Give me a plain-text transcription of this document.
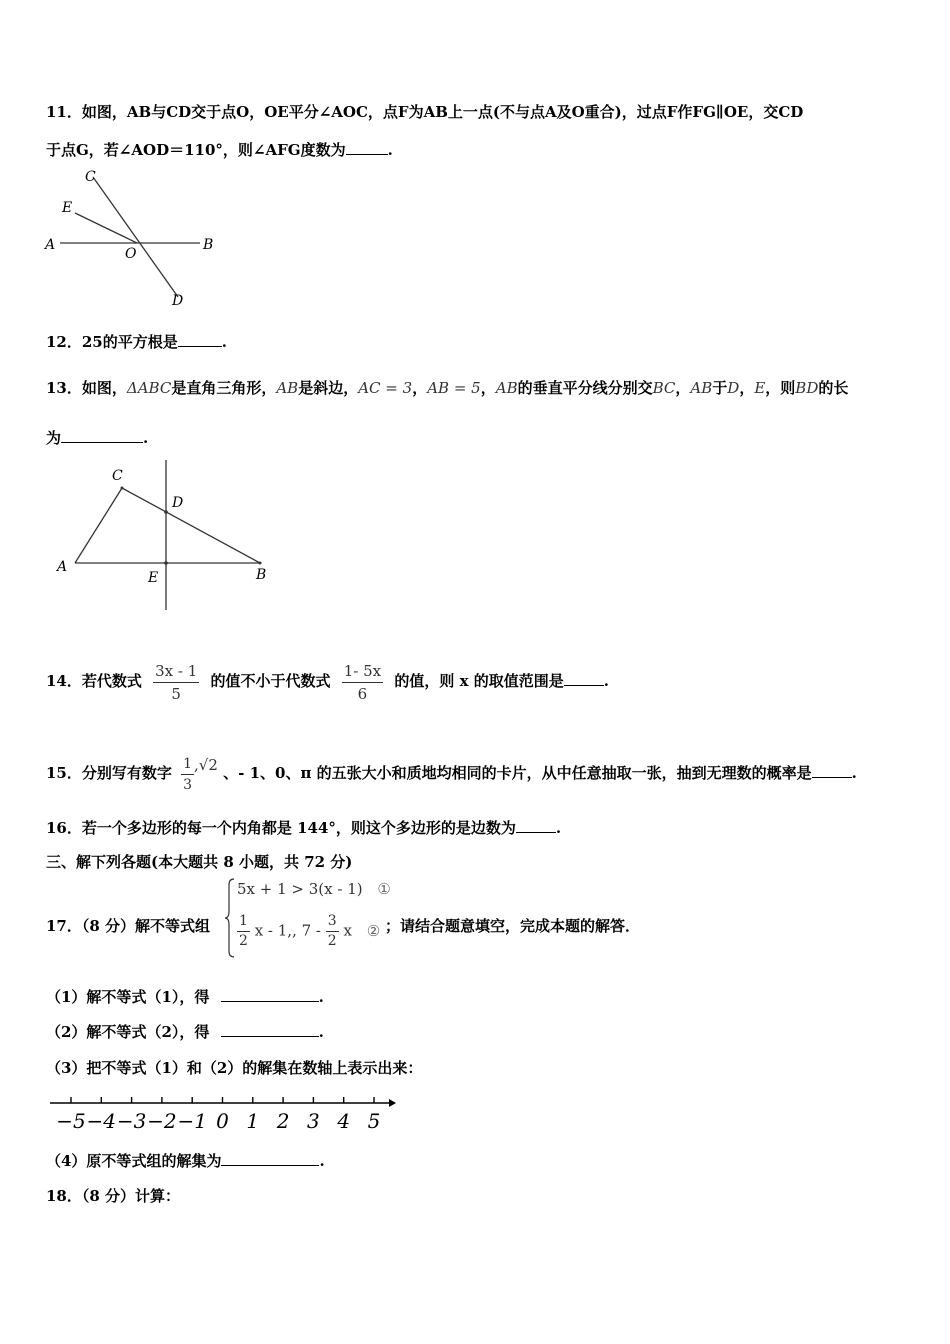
11．如图，AB与CD交于点O，OE平分∠AOC，点F为AB上一点(不与点A及O重合)，过点F作FG∥OE，交CD
于点G，若∠AOD＝110°，则∠AFG度数为	.
C
E
A
O
B
D
12．25的平方根是	.
13．如图，ΔABC是直角三角形，AB是斜边，AC = 3，AB = 5，AB的垂直平分线分别交BC，AB于D，E，则BD的长
为	.
C
D
A
E	B
14．若代数式 $\frac{3x - 1}{5}$ 的值不小于代数式 $\frac{1- 5x}{6}$ 的值，则 x 的取值范围是	.
15．分别写有数字 $\frac{1}{3} ,√2$ 、- 1、0、π 的五张大小和质地均相同的卡片，从中任意抽取一张，抽到无理数的概率是	.
16．若一个多边形的每一个内角都是 144°，则这个多边形的是边数为	.
三、解下列各题(本大题共 8 小题，共 72 分)
17．（8 分）解不等式组
5x + 1 > 3(x - 1) ①
$\frac{1}{2}$ x - 1,, $7 - \frac{3}{2}$ x ② ；请结合题意填空，完成本题的解答．
（1）解不等式（1），得	.
（2）解不等式（2），得	.
（3）把不等式（1）和（2）的解集在数轴上表示出来：
−5 −4 −3 −2 −1 0 1 2 3 4 5
（4）原不等式组的解集为	.
18．（8 分）计算：
